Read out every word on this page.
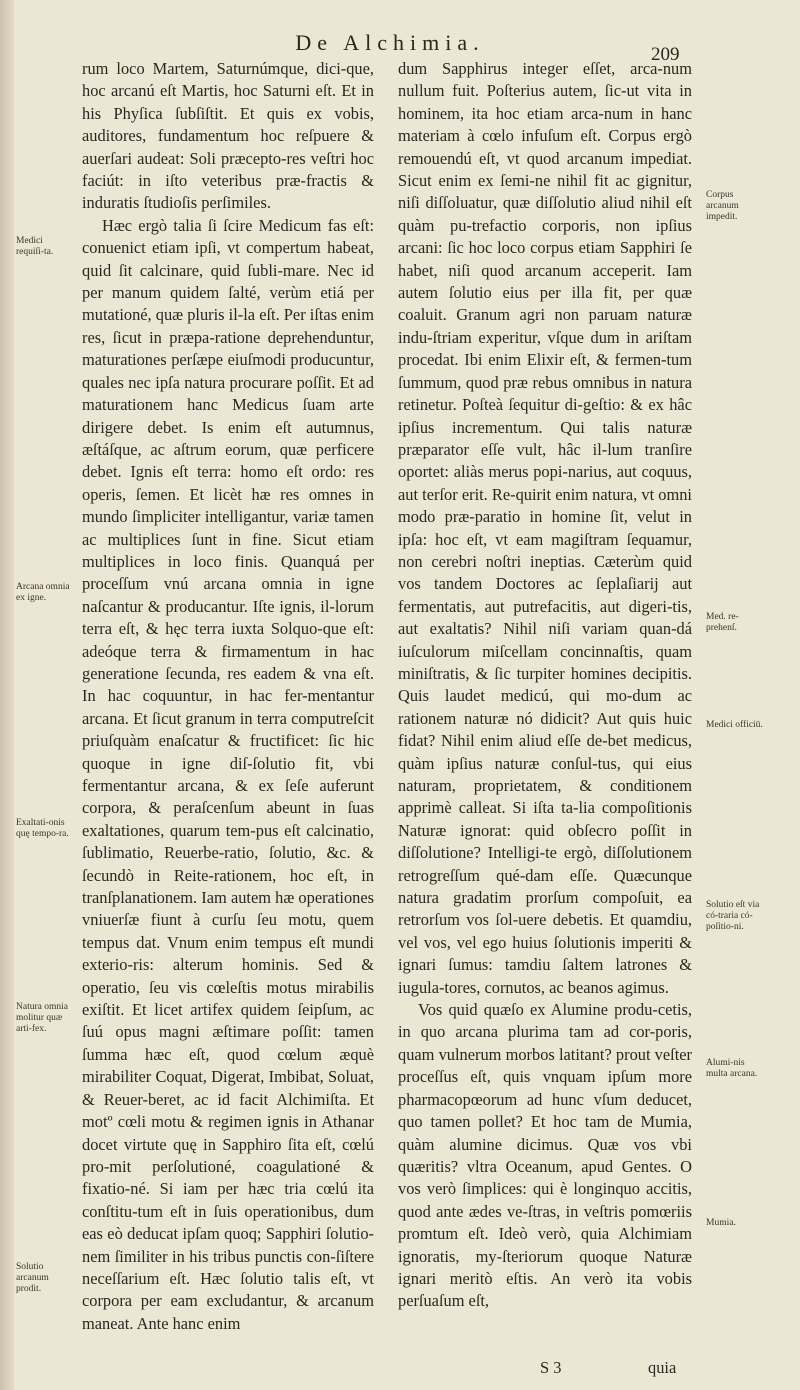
De Alchimia.	209

rum loco Martem, Saturnúmque, dici-que, hoc arcanú eſt Martis, hoc Saturni eſt. Et in his Phyſica ſubſiſtit. Et quis ex vobis, auditores, fundamentum hoc reſpuere & auerſari audeat: Soli præcepto-res veſtri hoc faciút: in iſto veteribus præ-fractis & induratis ſtudioſis perſimiles.

Hæc ergò talia ſi ſcire Medicum fas eſt: conuenict etiam ipſi, vt compertum habeat, quid ſit calcinare, quid ſubli-mare. Nec id per manum quidem ſalté, verùm etiá per mutationé, quæ pluris il-la eſt. Per iſtas enim res, ſicut in præpa-ratione deprehenduntur, maturationes perſæpe eiuſmodi producuntur, quales nec ipſa natura procurare poſſit. Et ad maturationem hanc Medicus ſuam arte dirigere debet. Is enim eſt autumnus, æſtáſque, ac aſtrum eorum, quæ perficere debet. Ignis eſt terra: homo eſt ordo: res operis, ſemen. Et licèt hæ res omnes in mundo ſimpliciter intelligantur, variæ tamen ac multiplices ſunt in fine. Sicut etiam multiplices in loco finis. Quanquá per proceſſum vnú arcana omnia in igne naſcantur & producantur. Iſte ignis, il-lorum terra eſt, & hęc terra iuxta Solquo-que eſt: adeóque terra & firmamentum in hac generatione ſecunda, res eadem & vna eſt. In hac coquuntur, in hac fer-mentantur arcana. Et ſicut granum in terra computreſcit priuſquàm enaſcatur & fructificet: ſic hic quoque in igne diſ-ſolutio fit, vbi fermentantur arcana, & ex ſeſe auferunt corpora, & peraſcenſum abeunt in ſuas exaltationes, quarum tem-pus eſt calcinatio, ſublimatio, Reuerbe-ratio, ſolutio, &c. & ſecundò in Reite-rationem, hoc eſt, in tranſplanationem. Iam autem hæ operationes vniuerſæ fiunt à curſu ſeu motu, quem tempus dat. Vnum enim tempus eſt mundi exterio-ris: alterum hominis. Sed & operatio, ſeu vis cœleſtis motus mirabilis exiſtit. Et licet artifex quidem ſeipſum, ac ſuú opus magni æſtimare poſſit: tamen ſumma hæc eſt, quod cœlum æquè mirabiliter Coquat, Digerat, Imbibat, Soluat, & Reuer-beret, ac id facit Alchimiſta. Et motº cœli motu & regimen ignis in Athanar docet virtute quę in Sapphiro ſita eſt, cœlú pro-mit perſolutioné, coagulationé & fixatio-né. Si iam per hæc tria cœlú ita conſtitu-tum eſt in ſuis operationibus, dum eas eò deducat ipſam quoq; Sapphiri ſolutio-nem ſimiliter in his tribus punctis con-ſiſtere neceſſarium eſt. Hæc ſolutio talis eſt, vt corpora per eam excludantur, & arcanum maneat. Ante hanc enim

dum Sapphirus integer eſſet, arca-num nullum fuit. Poſterius autem, ſic-ut vita in hominem, ita hoc etiam arca-num in hanc materiam à cœlo infuſum eſt. Corpus ergò remouendú eſt, vt quod arcanum impediat. Sicut enim ex ſemi-ne nihil fit ac gignitur, niſi diſſoluatur, quæ diſſolutio aliud nihil eſt quàm pu-trefactio corporis, non ipſius arcani: ſic hoc loco corpus etiam Sapphiri ſe habet, niſi quod arcanum acceperit. Iam autem ſolutio eius per illa fit, per quæ coaluit. Granum agri non paruam naturæ indu-ſtriam experitur, vſque dum in ariſtam procedat. Ibi enim Elixir eſt, & fermen-tum ſummum, quod præ rebus omnibus in natura retinetur. Poſteà ſequitur di-geſtio: & ex hâc ipſius incrementum. Qui talis naturæ præparator eſſe vult, hâc il-lum tranſire oportet: aliàs merus popi-narius, aut coquus, aut terſor erit. Re-quirit enim natura, vt omni modo præ-paratio in homine ſit, velut in ipſa: hoc eſt, vt eam magiſtram ſequamur, non cerebri noſtri ineptias. Cæterùm quid vos tandem Doctores ac ſeplaſiarij aut fermentatis, aut putrefacitis, aut digeri-tis, aut exaltatis? Nihil niſi variam quan-dá iuſculorum miſcellam concinnaſtis, quam miniſtratis, & ſic turpiter homines decipitis. Quis laudet medicú, qui mo-dum ac rationem naturæ nó didicit? Aut quis huic fidat? Nihil enim aliud eſſe de-bet medicus, quàm ipſius naturæ conſul-tus, qui eius naturam, proprietatem, & conditionem apprimè calleat. Si iſta ta-lia compoſitionis Naturæ ignorat: quid obſecro poſſit in diſſolutione? Intelligi-te ergò, diſſolutionem retrogreſſum qué-dam eſſe. Quæcunque natura gradatim prorſum compoſuit, ea retrorſum vos ſol-uere debetis. Et quamdiu, vel vos, vel ego huius ſolutionis imperiti & ignari ſumus: tamdiu ſaltem latrones & iugula-tores, cornutos, ac beanos agimus.

Vos quid quæſo ex Alumine produ-cetis, in quo arcana plurima tam ad cor-poris, quam vulnerum morbos latitant? prout veſter proceſſus eſt, quis vnquam ipſum more pharmacopœorum ad hunc vſum deducet, quo tamen pollet? Et hoc tam de Mumia, quàm alumine dicimus. Quæ vos vbi quæritis? vltra Oceanum, apud Gentes. O vos verò ſimplices: qui è longinquo accitis, quod ante ædes ve-ſtras, in veſtris pomœriis promtum eſt. Ideò verò, quia Alchimiam ignoratis, my-ſteriorum quoque Naturæ ignari meritò eſtis. An verò ita vobis perſuaſum eſt,

Medici requiſi-ta.
Arcana omnia ex igne.
Exaltati-onis quę tempo-ra.
Natura omnia molitur quæ arti-fex.
Solutio arcanum prodit.
Corpus arcanum impedit.
Med. re-prehenſ.
Medici officiū.
Solutio eſt via có-traria có-poſitio-ni.
Alumi-nis multa arcana.
Mumia.
S 3	quia
